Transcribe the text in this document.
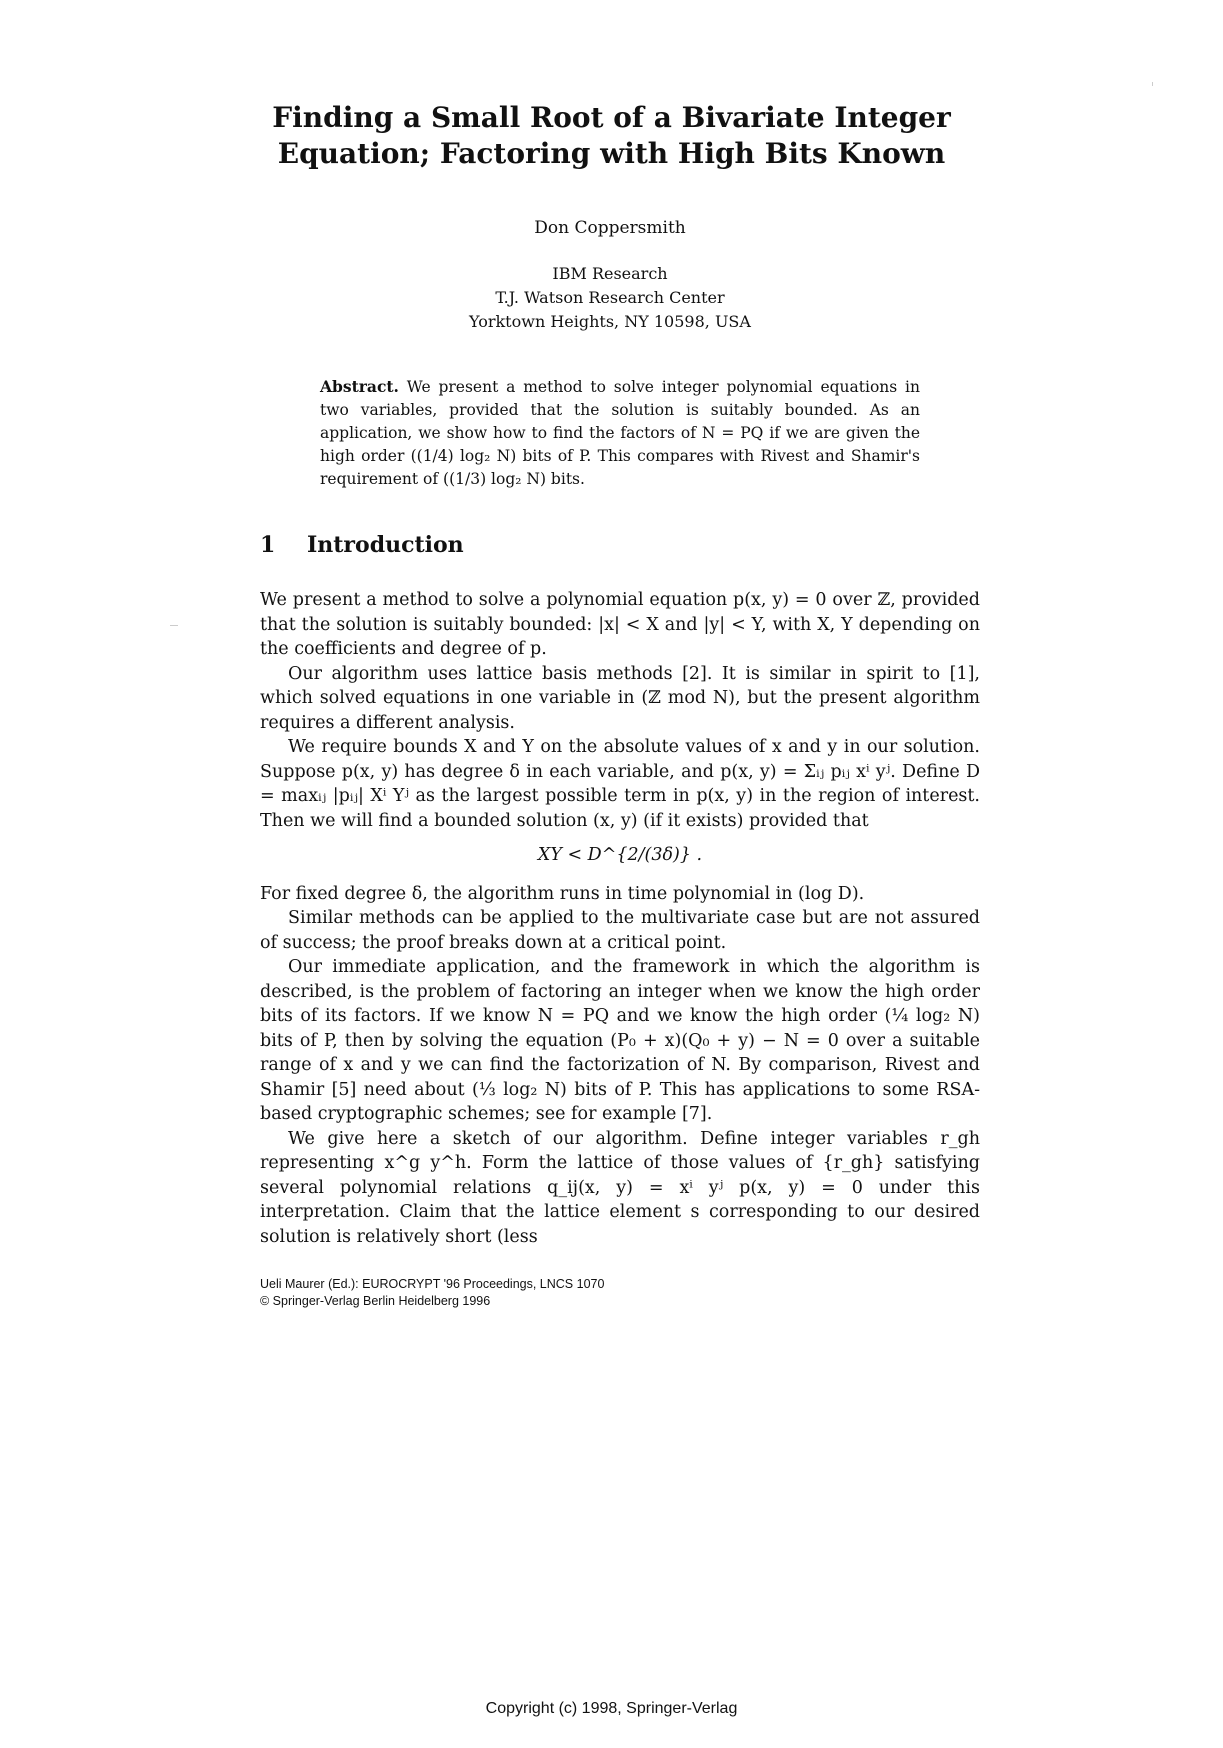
Finding a Small Root of a Bivariate Integer
Equation; Factoring with High Bits Known
Don Coppersmith
IBM Research
T.J. Watson Research Center
Yorktown Heights, NY 10598, USA
Abstract. We present a method to solve integer polynomial equations in two variables, provided that the solution is suitably bounded. As an application, we show how to find the factors of N = PQ if we are given the high order ((1/4) log₂ N) bits of P. This compares with Rivest and Shamir's requirement of ((1/3) log₂ N) bits.
1 Introduction

We present a method to solve a polynomial equation p(x, y) = 0 over ℤ, provided that the solution is suitably bounded: |x| < X and |y| < Y, with X, Y depending on the coefficients and degree of p.

Our algorithm uses lattice basis methods [2]. It is similar in spirit to [1], which solved equations in one variable in (ℤ mod N), but the present algorithm requires a different analysis.

We require bounds X and Y on the absolute values of x and y in our solution. Suppose p(x, y) has degree δ in each variable, and p(x, y) = Σᵢⱼ pᵢⱼ xⁱ yʲ. Define D = maxᵢⱼ |pᵢⱼ| Xⁱ Yʲ as the largest possible term in p(x, y) in the region of interest. Then we will find a bounded solution (x, y) (if it exists) provided that

XY < D^{2/(3δ)} .

For fixed degree δ, the algorithm runs in time polynomial in (log D).

Similar methods can be applied to the multivariate case but are not assured of success; the proof breaks down at a critical point.

Our immediate application, and the framework in which the algorithm is described, is the problem of factoring an integer when we know the high order bits of its factors. If we know N = PQ and we know the high order (¼ log₂ N) bits of P, then by solving the equation (P₀ + x)(Q₀ + y) − N = 0 over a suitable range of x and y we can find the factorization of N. By comparison, Rivest and Shamir [5] need about (⅓ log₂ N) bits of P. This has applications to some RSA-based cryptographic schemes; see for example [7].

We give here a sketch of our algorithm. Define integer variables r_gh representing x^g y^h. Form the lattice of those values of {r_gh} satisfying several polynomial relations q_ij(x, y) = xⁱ yʲ p(x, y) = 0 under this interpretation. Claim that the lattice element s corresponding to our desired solution is relatively short (less

Ueli Maurer (Ed.): EUROCRYPT '96 Proceedings, LNCS 1070
© Springer-Verlag Berlin Heidelberg 1996
Copyright (c) 1998, Springer-Verlag
